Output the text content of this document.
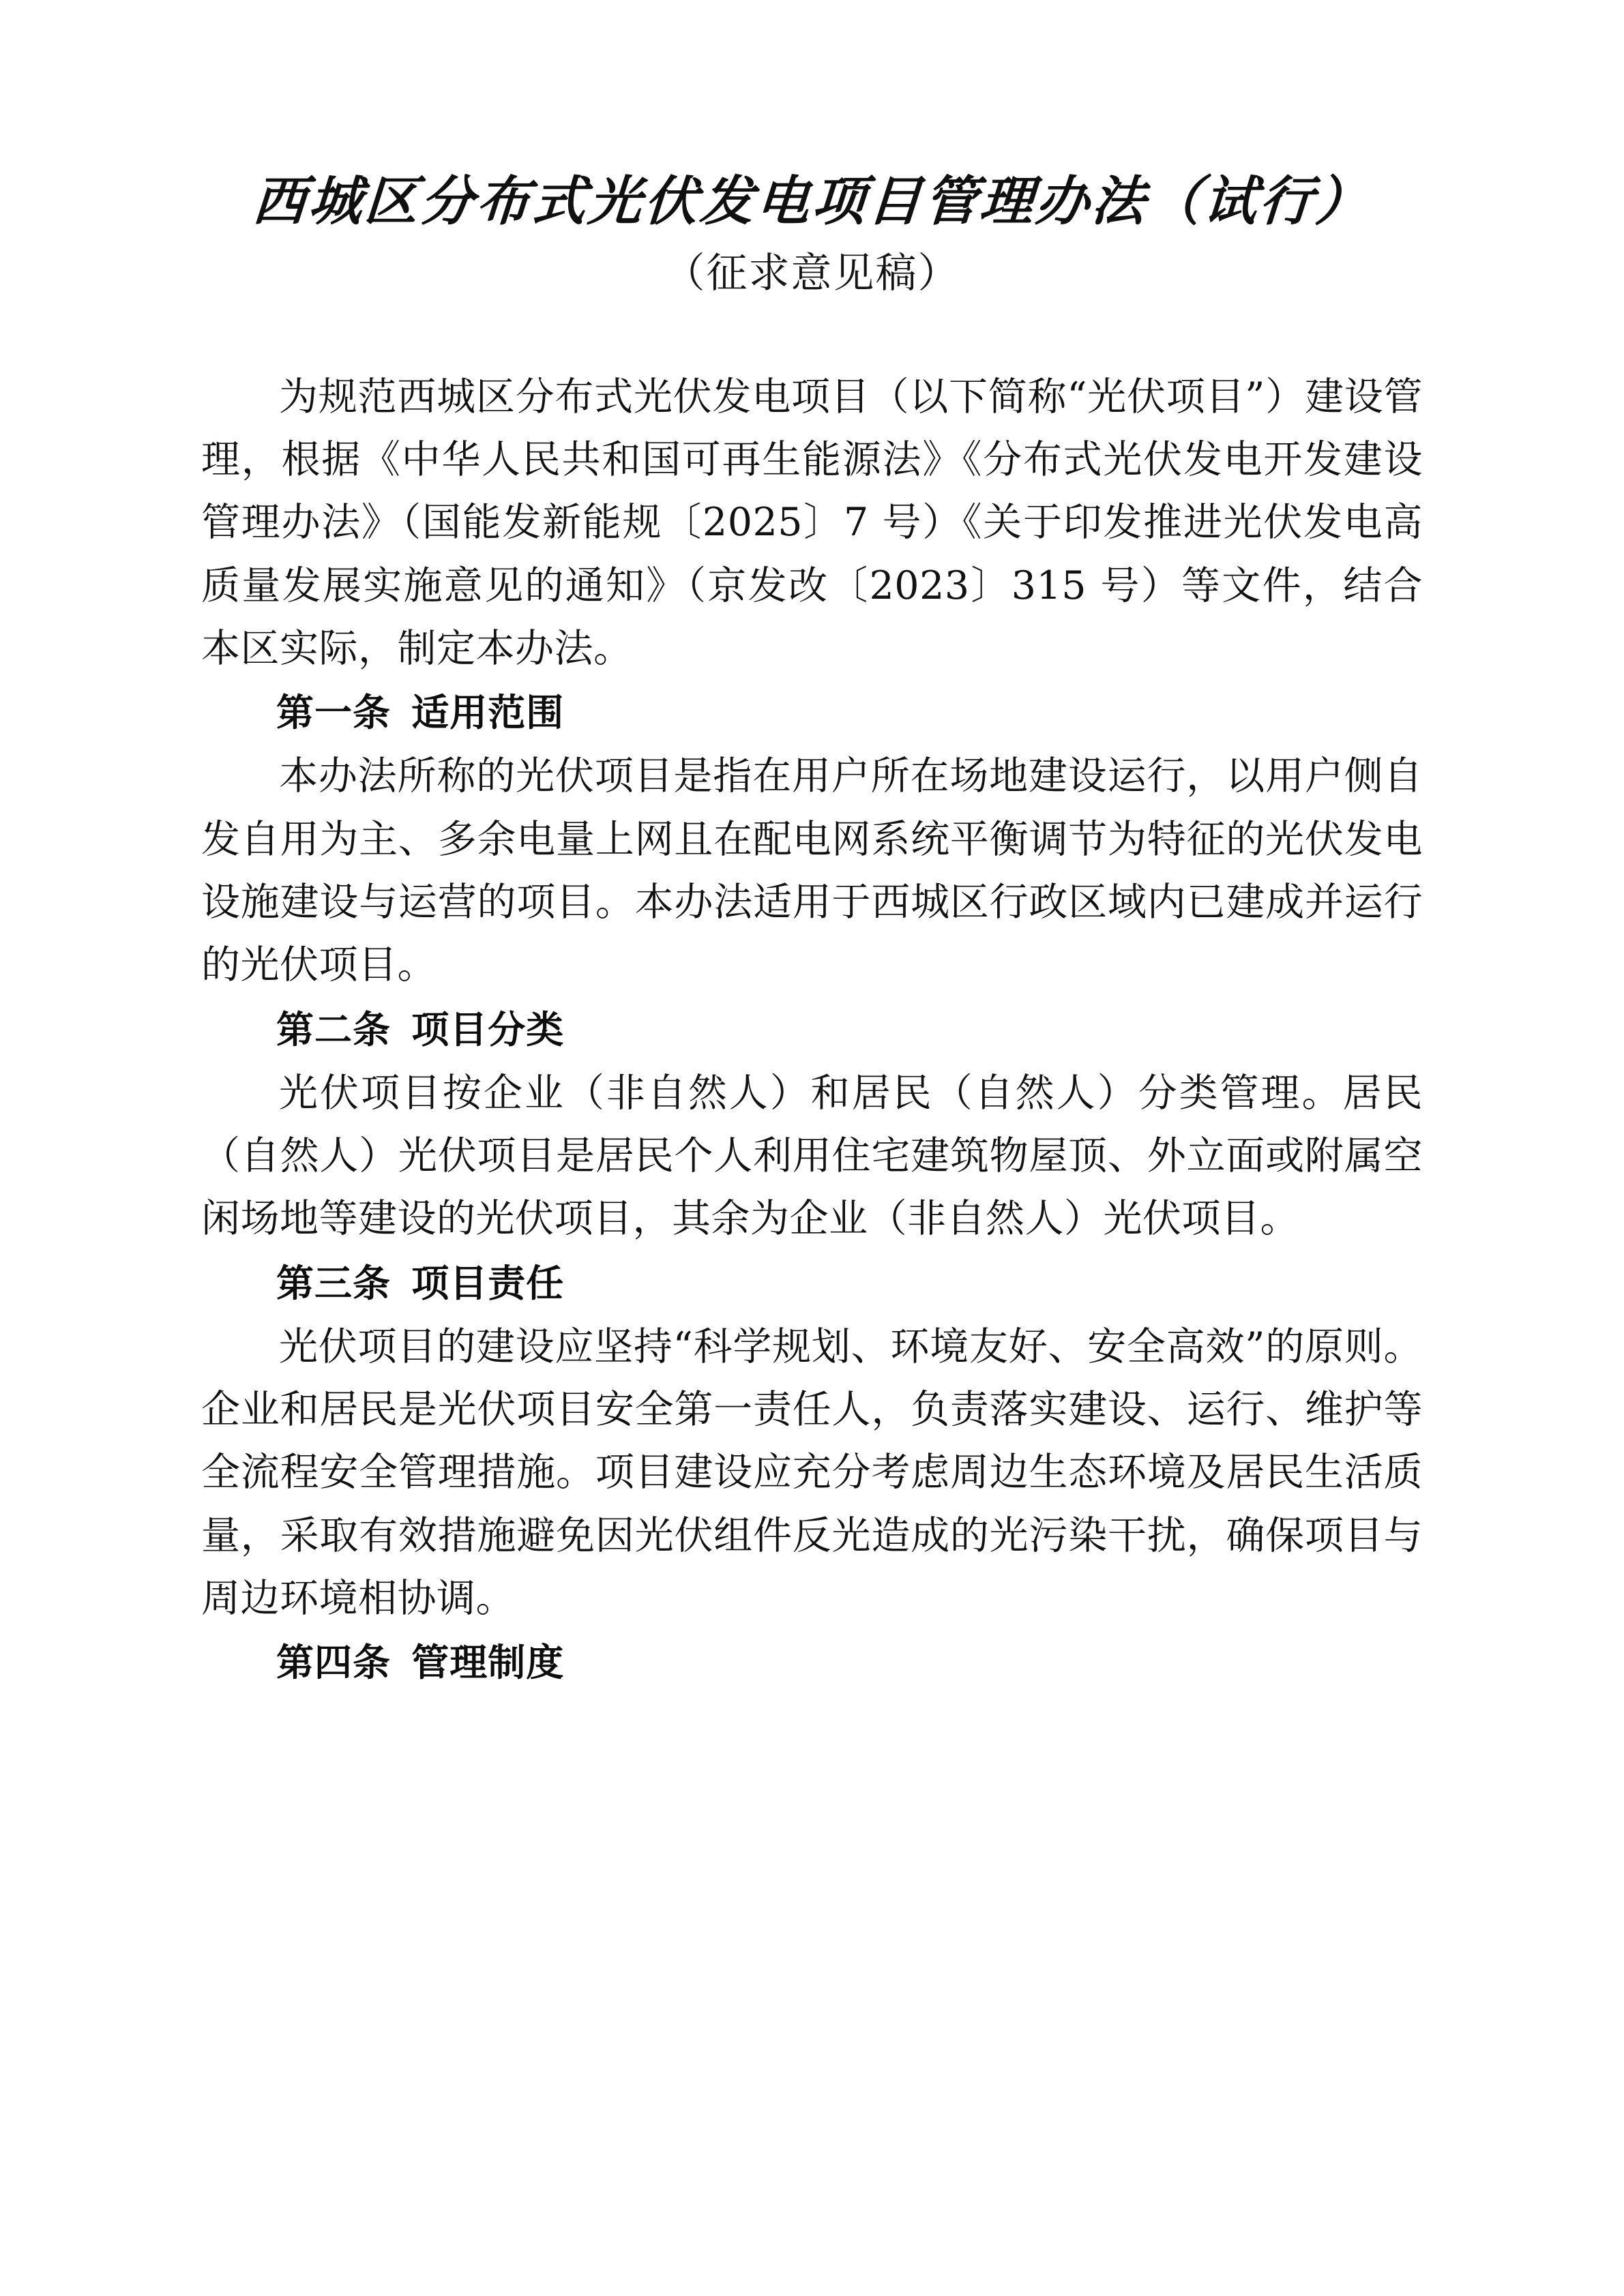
西城区分布式光伏发电项目管理办法（试行）
（征求意见稿）

为规范西城区分布式光伏发电项目（以下简称“光伏项目”）建设管理，根据《中华人民共和国可再生能源法》《分布式光伏发电开发建设管理办法》（国能发新能规〔2025〕7 号）《关于印发推进光伏发电高质量发展实施意见的通知》（京发改〔2023〕315 号）等文件，结合本区实际，制定本办法。

第一条 适用范围

本办法所称的光伏项目是指在用户所在场地建设运行，以用户侧自发自用为主、多余电量上网且在配电网系统平衡调节为特征的光伏发电设施建设与运营的项目。本办法适用于西城区行政区域内已建成并运行的光伏项目。

第二条 项目分类

光伏项目按企业（非自然人）和居民（自然人）分类管理。居民（自然人）光伏项目是居民个人利用住宅建筑物屋顶、外立面或附属空闲场地等建设的光伏项目，其余为企业（非自然人）光伏项目。

第三条 项目责任

光伏项目的建设应坚持“科学规划、环境友好、安全高效”的原则。企业和居民是光伏项目安全第一责任人，负责落实建设、运行、维护等全流程安全管理措施。项目建设应充分考虑周边生态环境及居民生活质量，采取有效措施避免因光伏组件反光造成的光污染干扰，确保项目与周边环境相协调。

第四条 管理制度
